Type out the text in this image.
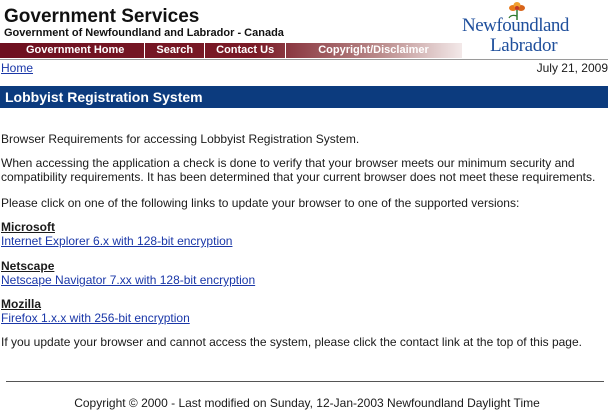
Government Services
Government of Newfoundland and Labrador - Canada	Newfoundland
Labrador
Government Home	Search	Contact Us	Copyright/Disclaimer
Home	July 21, 2009
Lobbyist Registration System

Browser Requirements for accessing Lobbyist Registration System.

When accessing the application a check is done to verify that your browser meets our minimum security and compatibility requirements. It has been determined that your current browser does not meet these requirements.

Please click on one of the following links to update your browser to one of the supported versions:

Microsoft
Internet Explorer 6.x with 128-bit encryption
Netscape
Netscape Navigator 7.xx with 128-bit encryption
Mozilla
Firefox 1.x.x with 256-bit encryption

If you update your browser and cannot access the system, please click the contact link at the top of this page.

Copyright © 2000 - Last modified on Sunday, 12-Jan-2003 Newfoundland Daylight Time
